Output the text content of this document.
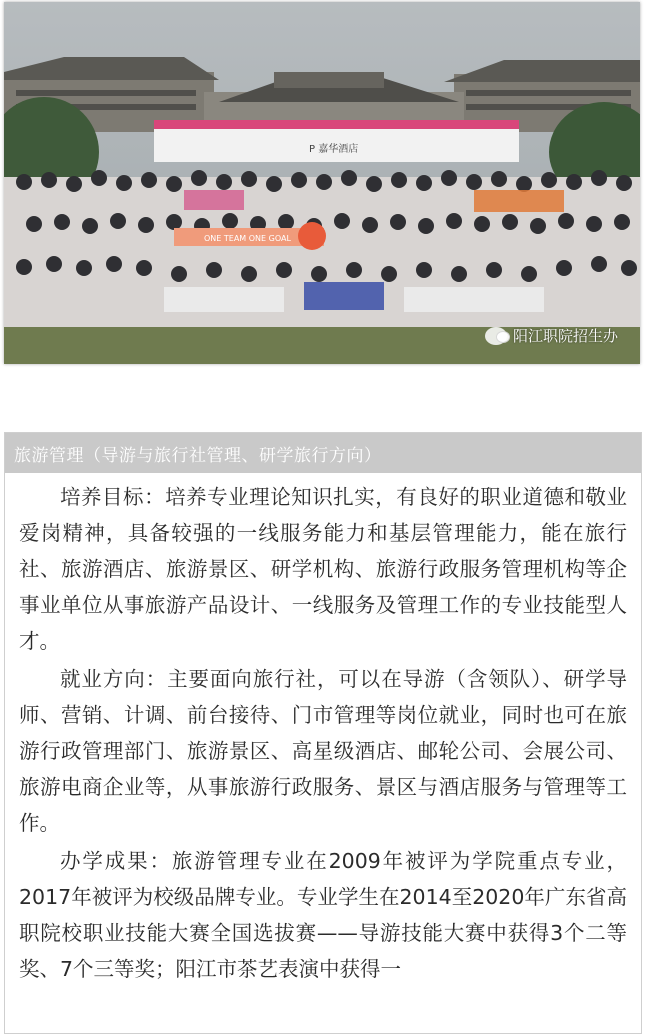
Ρ 嘉华酒店
ONE TEAM ONE GOAL
阳江职院招生办
旅游管理（导游与旅行社管理、研学旅行方向）

培养目标：培养专业理论知识扎实，有良好的职业道德和敬业爱岗精神，具备较强的一线服务能力和基层管理能力，能在旅行社、旅游酒店、旅游景区、研学机构、旅游行政服务管理机构等企事业单位从事旅游产品设计、一线服务及管理工作的专业技能型人才。

就业方向：主要面向旅行社，可以在导游（含领队）、研学导师、营销、计调、前台接待、门市管理等岗位就业，同时也可在旅游行政管理部门、旅游景区、高星级酒店、邮轮公司、会展公司、旅游电商企业等，从事旅游行政服务、景区与酒店服务与管理等工作。

办学成果：旅游管理专业在2009年被评为学院重点专业，2017年被评为校级品牌专业。专业学生在2014至2020年广东省高职院校职业技能大赛全国选拔赛——导游技能大赛中获得3个二等奖、7个三等奖；阳江市茶艺表演中获得一
